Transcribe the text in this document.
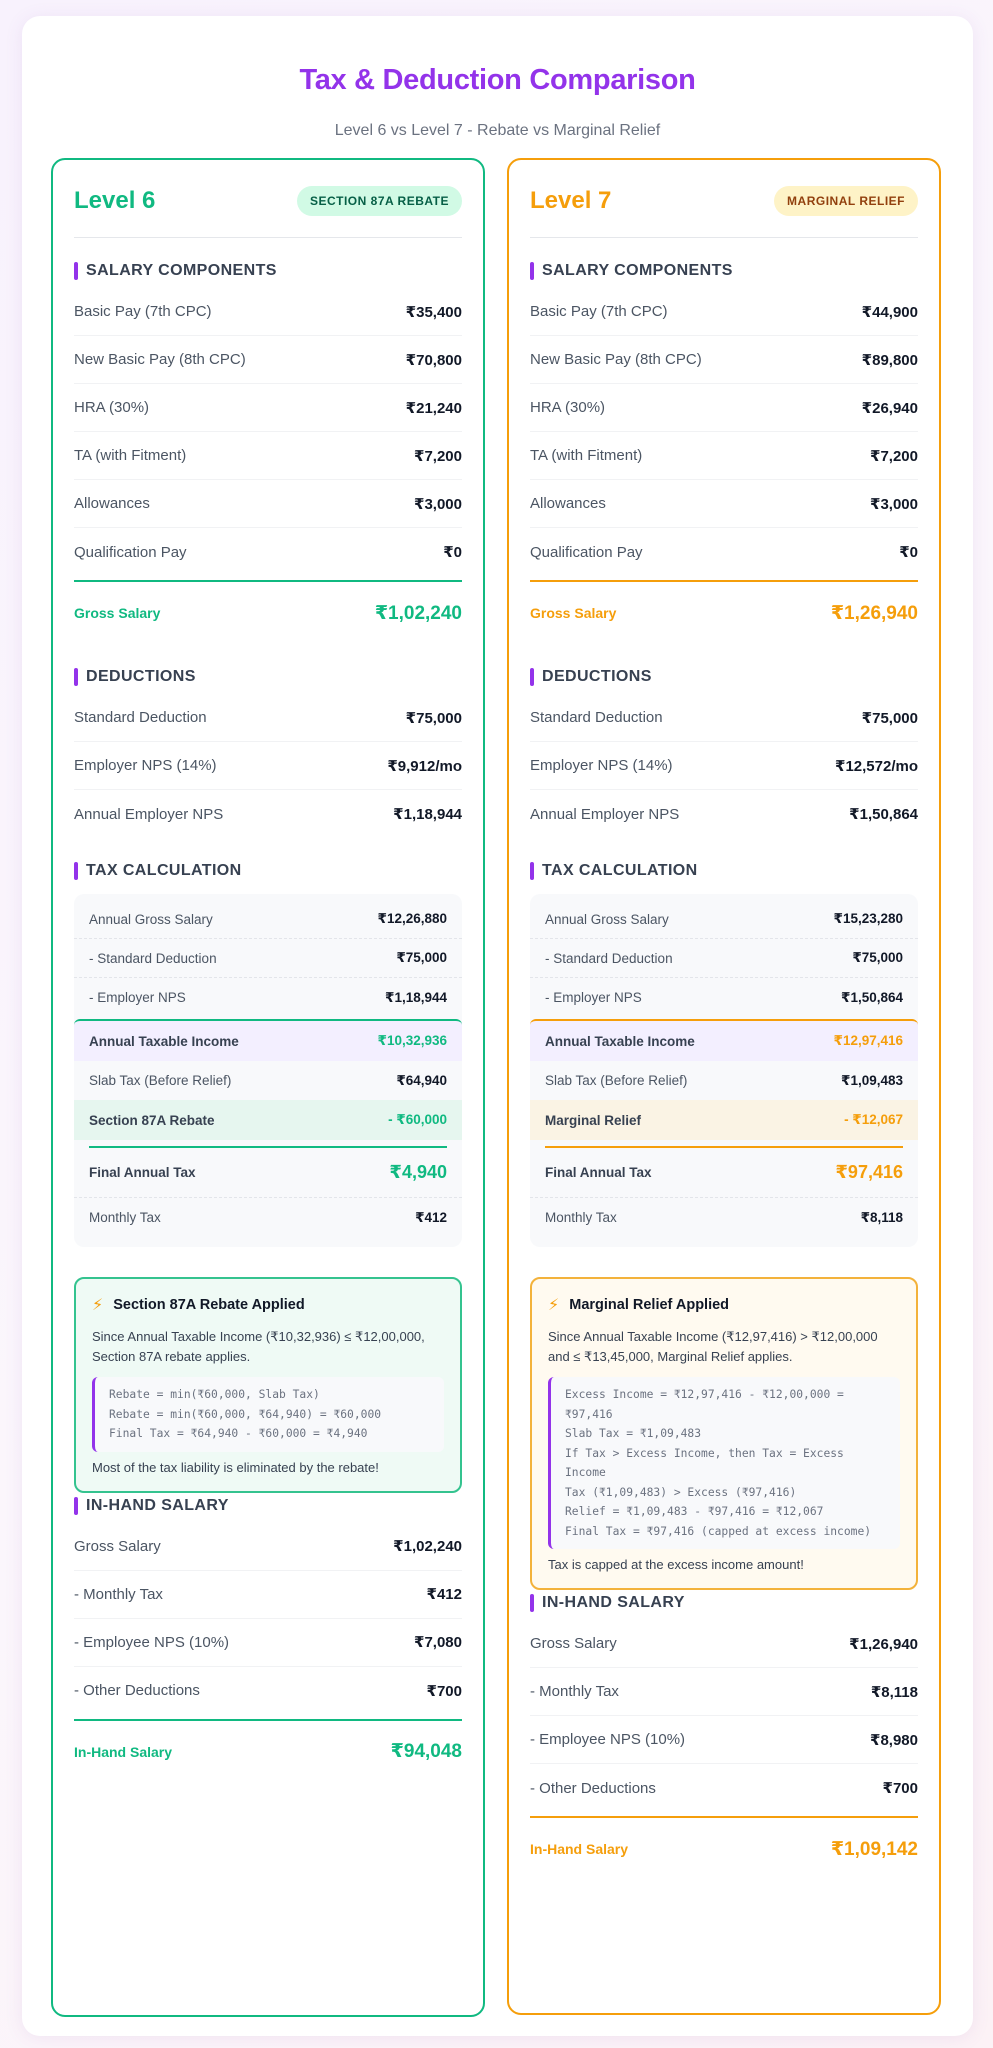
Tax & Deduction Comparison
Level 6 vs Level 7 - Rebate vs Marginal Relief
Level 6	SECTION 87A REBATE
SALARY COMPONENTS
Basic Pay (7th CPC)	₹35,400
New Basic Pay (8th CPC)	₹70,800
HRA (30%)	₹21,240
TA (with Fitment)	₹7,200
Allowances	₹3,000
Qualification Pay	₹0
Gross Salary	₹1,02,240
DEDUCTIONS
Standard Deduction	₹75,000
Employer NPS (14%)	₹9,912/mo
Annual Employer NPS	₹1,18,944
TAX CALCULATION
Annual Gross Salary	₹12,26,880
- Standard Deduction	₹75,000
- Employer NPS	₹1,18,944
Annual Taxable Income	₹10,32,936
Slab Tax (Before Relief)	₹64,940
Section 87A Rebate	- ₹60,000
Final Annual Tax	₹4,940
Monthly Tax	₹412
⚡ Section 87A Rebate Applied

Since Annual Taxable Income (₹10,32,936) ≤ ₹12,00,000, Section 87A rebate applies.

Rebate = min(₹60,000, Slab Tax)
Rebate = min(₹60,000, ₹64,940) = ₹60,000
Final Tax = ₹64,940 - ₹60,000 = ₹4,940
Most of the tax liability is eliminated by the rebate!
IN-HAND SALARY
Gross Salary	₹1,02,240
- Monthly Tax	₹412
- Employee NPS (10%)	₹7,080
- Other Deductions	₹700
In-Hand Salary	₹94,048
Level 7	MARGINAL RELIEF
SALARY COMPONENTS
Basic Pay (7th CPC)	₹44,900
New Basic Pay (8th CPC)	₹89,800
HRA (30%)	₹26,940
TA (with Fitment)	₹7,200
Allowances	₹3,000
Qualification Pay	₹0
Gross Salary	₹1,26,940
DEDUCTIONS
Standard Deduction	₹75,000
Employer NPS (14%)	₹12,572/mo
Annual Employer NPS	₹1,50,864
TAX CALCULATION
Annual Gross Salary	₹15,23,280
- Standard Deduction	₹75,000
- Employer NPS	₹1,50,864
Annual Taxable Income	₹12,97,416
Slab Tax (Before Relief)	₹1,09,483
Marginal Relief	- ₹12,067
Final Annual Tax	₹97,416
Monthly Tax	₹8,118
⚡ Marginal Relief Applied

Since Annual Taxable Income (₹12,97,416) > ₹12,00,000 and ≤ ₹13,45,000, Marginal Relief applies.

Excess Income = ₹12,97,416 - ₹12,00,000 = ₹97,416
Slab Tax = ₹1,09,483
If Tax > Excess Income, then Tax = Excess Income
Tax (₹1,09,483) > Excess (₹97,416)
Relief = ₹1,09,483 - ₹97,416 = ₹12,067
Final Tax = ₹97,416 (capped at excess income)
Tax is capped at the excess income amount!
IN-HAND SALARY
Gross Salary	₹1,26,940
- Monthly Tax	₹8,118
- Employee NPS (10%)	₹8,980
- Other Deductions	₹700
In-Hand Salary	₹1,09,142
